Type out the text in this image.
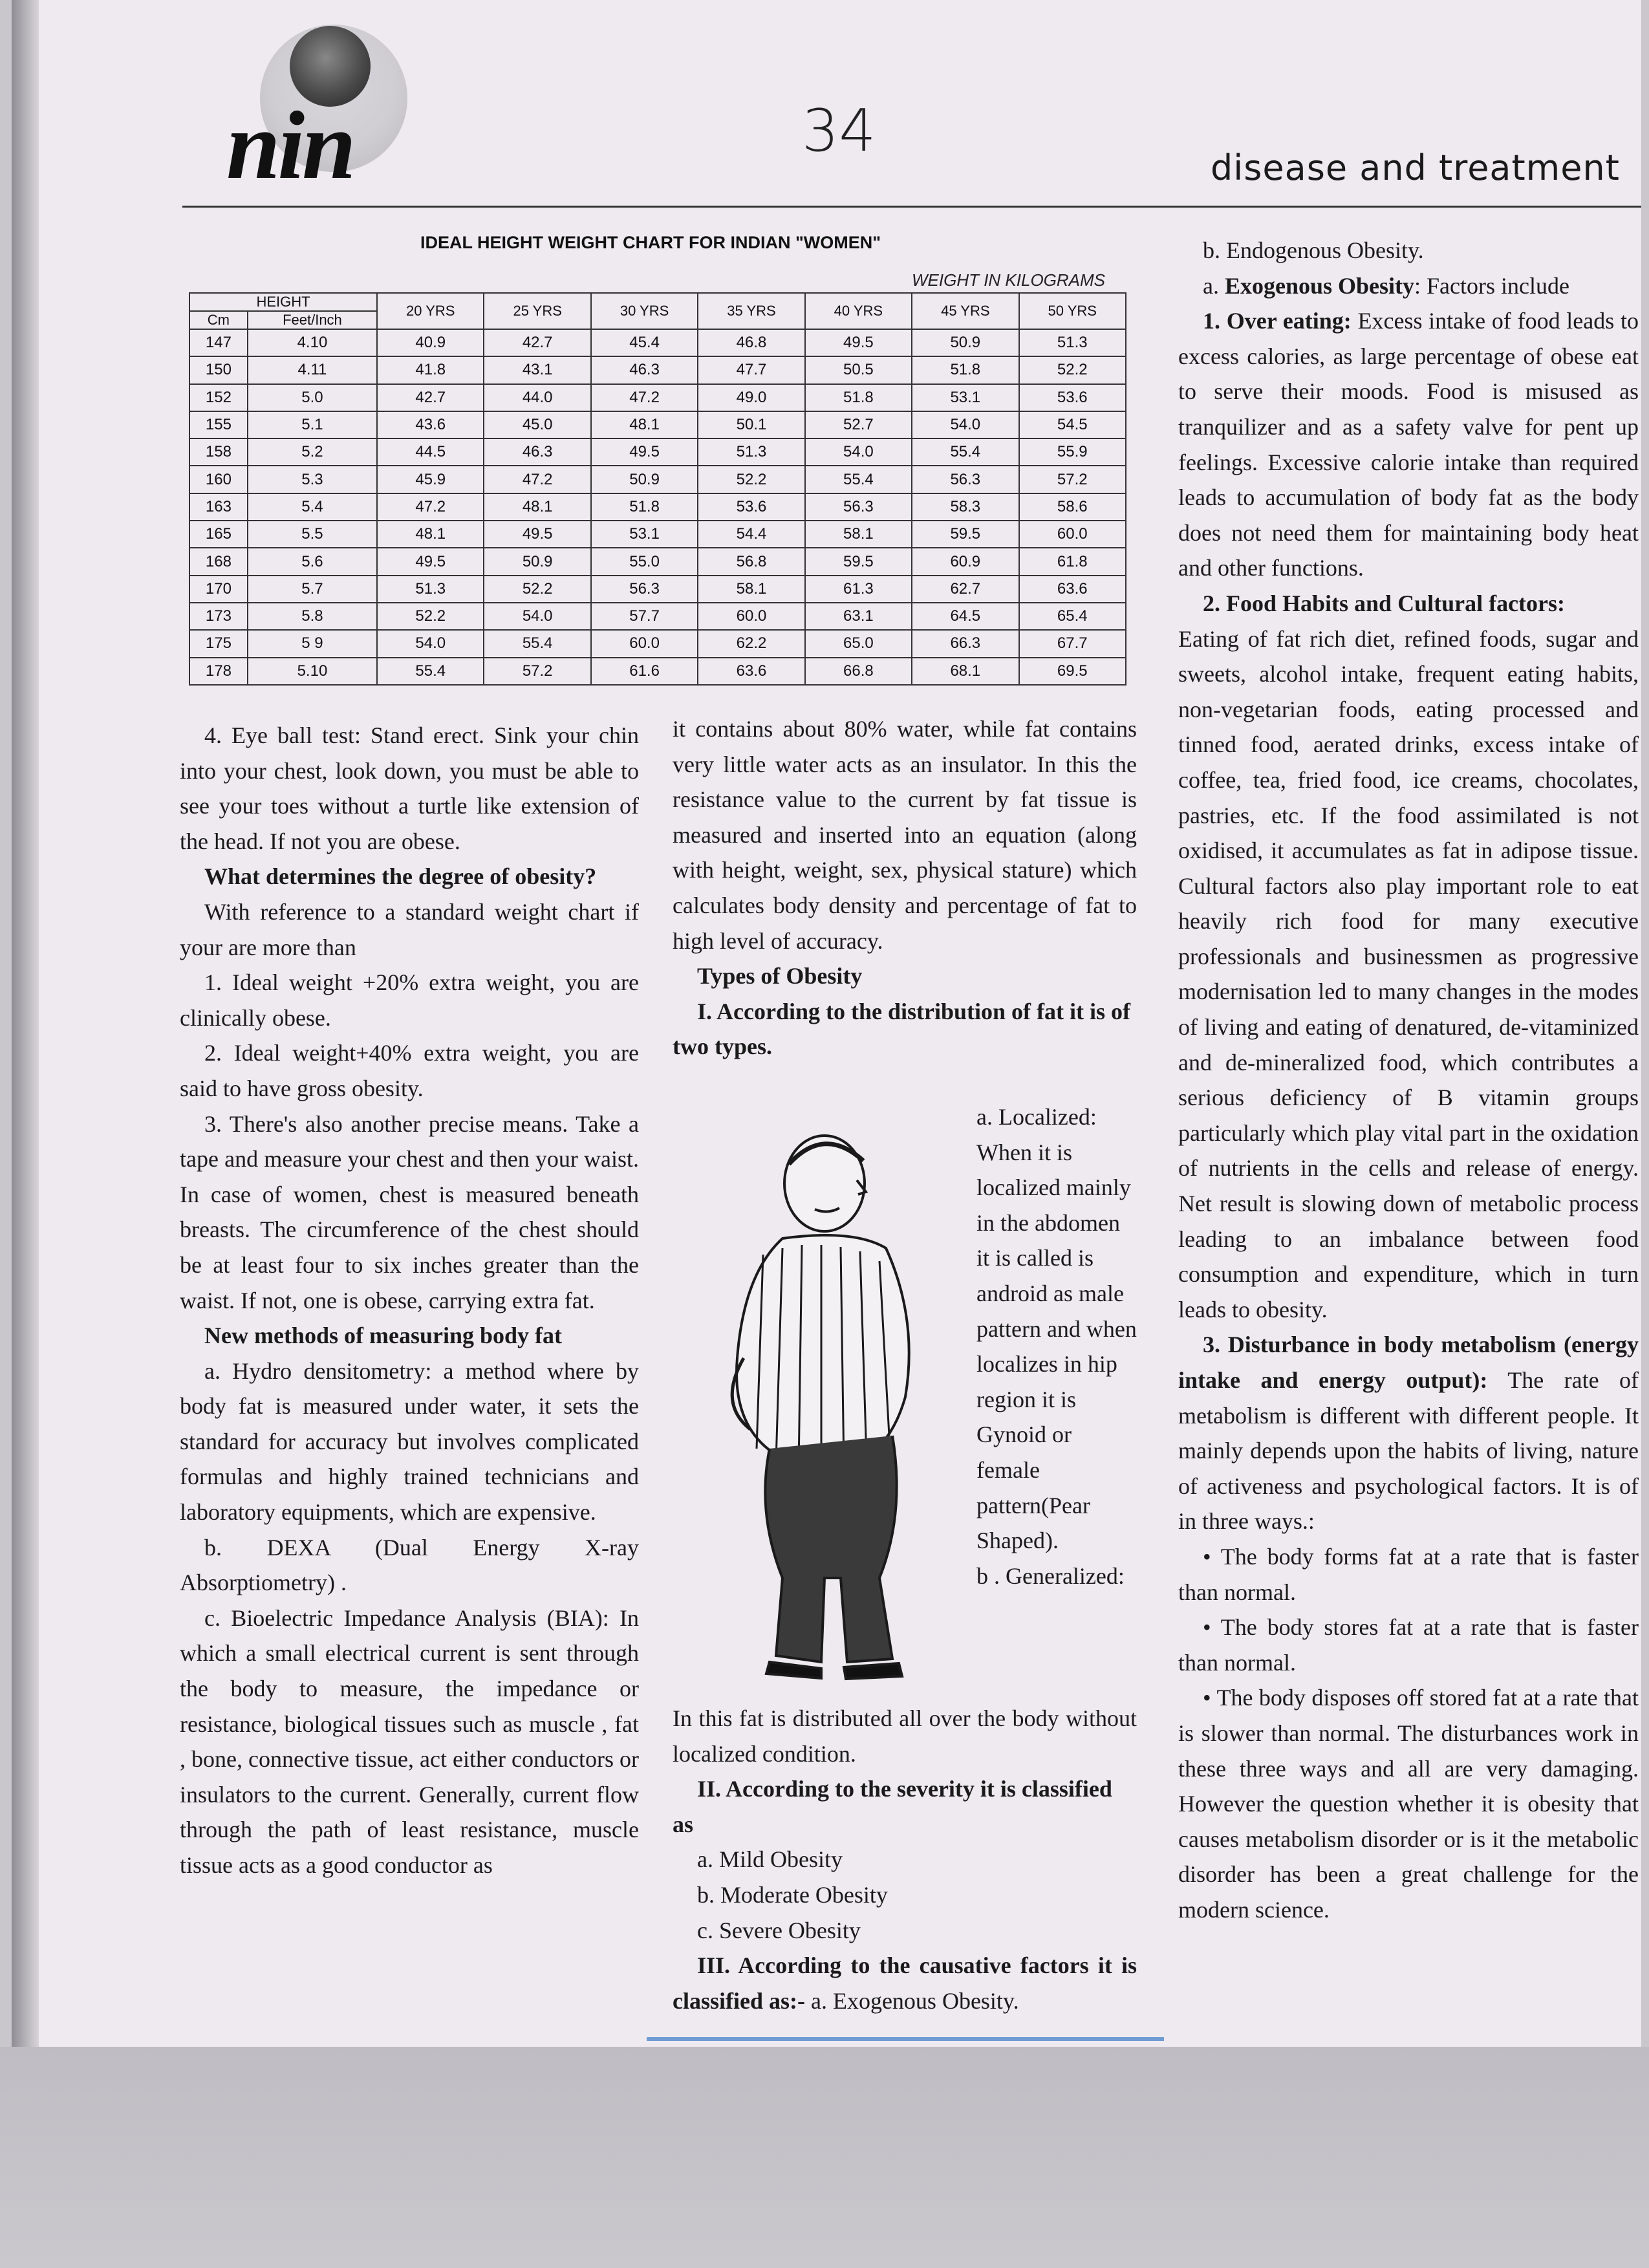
nin	34
disease and treatment
IDEAL HEIGHT WEIGHT CHART FOR INDIAN "WOMEN"
WEIGHT IN KILOGRAMS
HEIGHT		20 YRS	25 YRS	30 YRS	35 YRS	40 YRS	45 YRS	50 YRS
Cm	Feet/Inch							
147	4.10	40.9	42.7	45.4	46.8	49.5	50.9	51.3
150	4.11	41.8	43.1	46.3	47.7	50.5	51.8	52.2
152	5.0	42.7	44.0	47.2	49.0	51.8	53.1	53.6
155	5.1	43.6	45.0	48.1	50.1	52.7	54.0	54.5
158	5.2	44.5	46.3	49.5	51.3	54.0	55.4	55.9
160	5.3	45.9	47.2	50.9	52.2	55.4	56.3	57.2
163	5.4	47.2	48.1	51.8	53.6	56.3	58.3	58.6
165	5.5	48.1	49.5	53.1	54.4	58.1	59.5	60.0
168	5.6	49.5	50.9	55.0	56.8	59.5	60.9	61.8
170	5.7	51.3	52.2	56.3	58.1	61.3	62.7	63.6
173	5.8	52.2	54.0	57.7	60.0	63.1	64.5	65.4
175	5 9	54.0	55.4	60.0	62.2	65.0	66.3	67.7
178	5.10	55.4	57.2	61.6	63.6	66.8	68.1	69.5

4. Eye ball test: Stand erect. Sink your chin into your chest, look down, you must be able to see your toes without a turtle like extension of the head. If not you are obese.

What determines the degree of obesity?

With reference to a standard weight chart if your are more than

1. Ideal weight +20% extra weight, you are clinically obese.

2. Ideal weight+40% extra weight, you are said to have gross obesity.

3. There's also another precise means. Take a tape and measure your chest and then your waist. In case of women, chest is measured beneath breasts. The circumference of the chest should be at least four to six inches greater than the waist. If not, one is obese, carrying extra fat.

New methods of measuring body fat

a. Hydro densitometry: a method where by body fat is measured under water, it sets the standard for accuracy but involves complicated formulas and highly trained technicians and laboratory equipments, which are expensive.

b. DEXA (Dual Energy X-ray Absorptiometry) .

c. Bioelectric Impedance Analysis (BIA): In which a small electrical current is sent through the body to measure, the impedance or resistance, biological tissues such as muscle , fat , bone, connective tissue, act either conductors or insulators to the current. Generally, current flow through the path of least resistance, muscle tissue acts as a good conductor as

it contains about 80% water, while fat contains very little water acts as an insulator. In this the resistance value to the current by fat tissue is measured and inserted into an equation (along with height, weight, sex, physical stature) which calculates body density and percentage of fat to high level of accuracy.

Types of Obesity

I. According to the distribution of fat it is of two types.

a. Localized: When it is localized mainly in the abdomen it is called is android as male pattern and when localizes in hip region it is Gynoid or female pattern(Pear Shaped).

b . Generalized:

In this fat is distributed all over the body without localized condition.

II. According to the severity it is classified as

a. Mild Obesity

b. Moderate Obesity

c. Severe Obesity

III. According to the causative factors it is classified as:- a. Exogenous Obesity.

b. Endogenous Obesity.

a. Exogenous Obesity: Factors include

1. Over eating: Excess intake of food leads to excess calories, as large percentage of obese eat to serve their moods. Food is misused as tranquilizer and as a safety valve for pent up feelings. Excessive calorie intake than required leads to accumulation of body fat as the body does not need them for maintaining body heat and other functions.

2. Food Habits and Cultural factors:

Eating of fat rich diet, refined foods, sugar and sweets, alcohol intake, frequent eating habits, non-vegetarian foods, eating processed and tinned food, aerated drinks, excess intake of coffee, tea, fried food, ice creams, chocolates, pastries, etc. If the food assimilated is not oxidised, it accumulates as fat in adipose tissue. Cultural factors also play important role to eat heavily rich food for many executive professionals and businessmen as progressive modernisation led to many changes in the modes of living and eating of denatured, de-vitaminized and de-mineralized food, which contributes a serious deficiency of B vitamin groups particularly which play vital part in the oxidation of nutrients in the cells and release of energy. Net result is slowing down of metabolic process leading to an imbalance between food consumption and expenditure, which in turn leads to obesity.

3. Disturbance in body metabolism (energy intake and energy output): The rate of metabolism is different with different people. It mainly depends upon the habits of living, nature of activeness and psychological factors. It is of in three ways.:

• The body forms fat at a rate that is faster than normal.

• The body stores fat at a rate that is faster than normal.

• The body disposes off stored fat at a rate that is slower than normal. The disturbances work in these three ways and all are very damaging. However the question whether it is obesity that causes metabolism disorder or is it the metabolic disorder has been a great challenge for the modern science.
